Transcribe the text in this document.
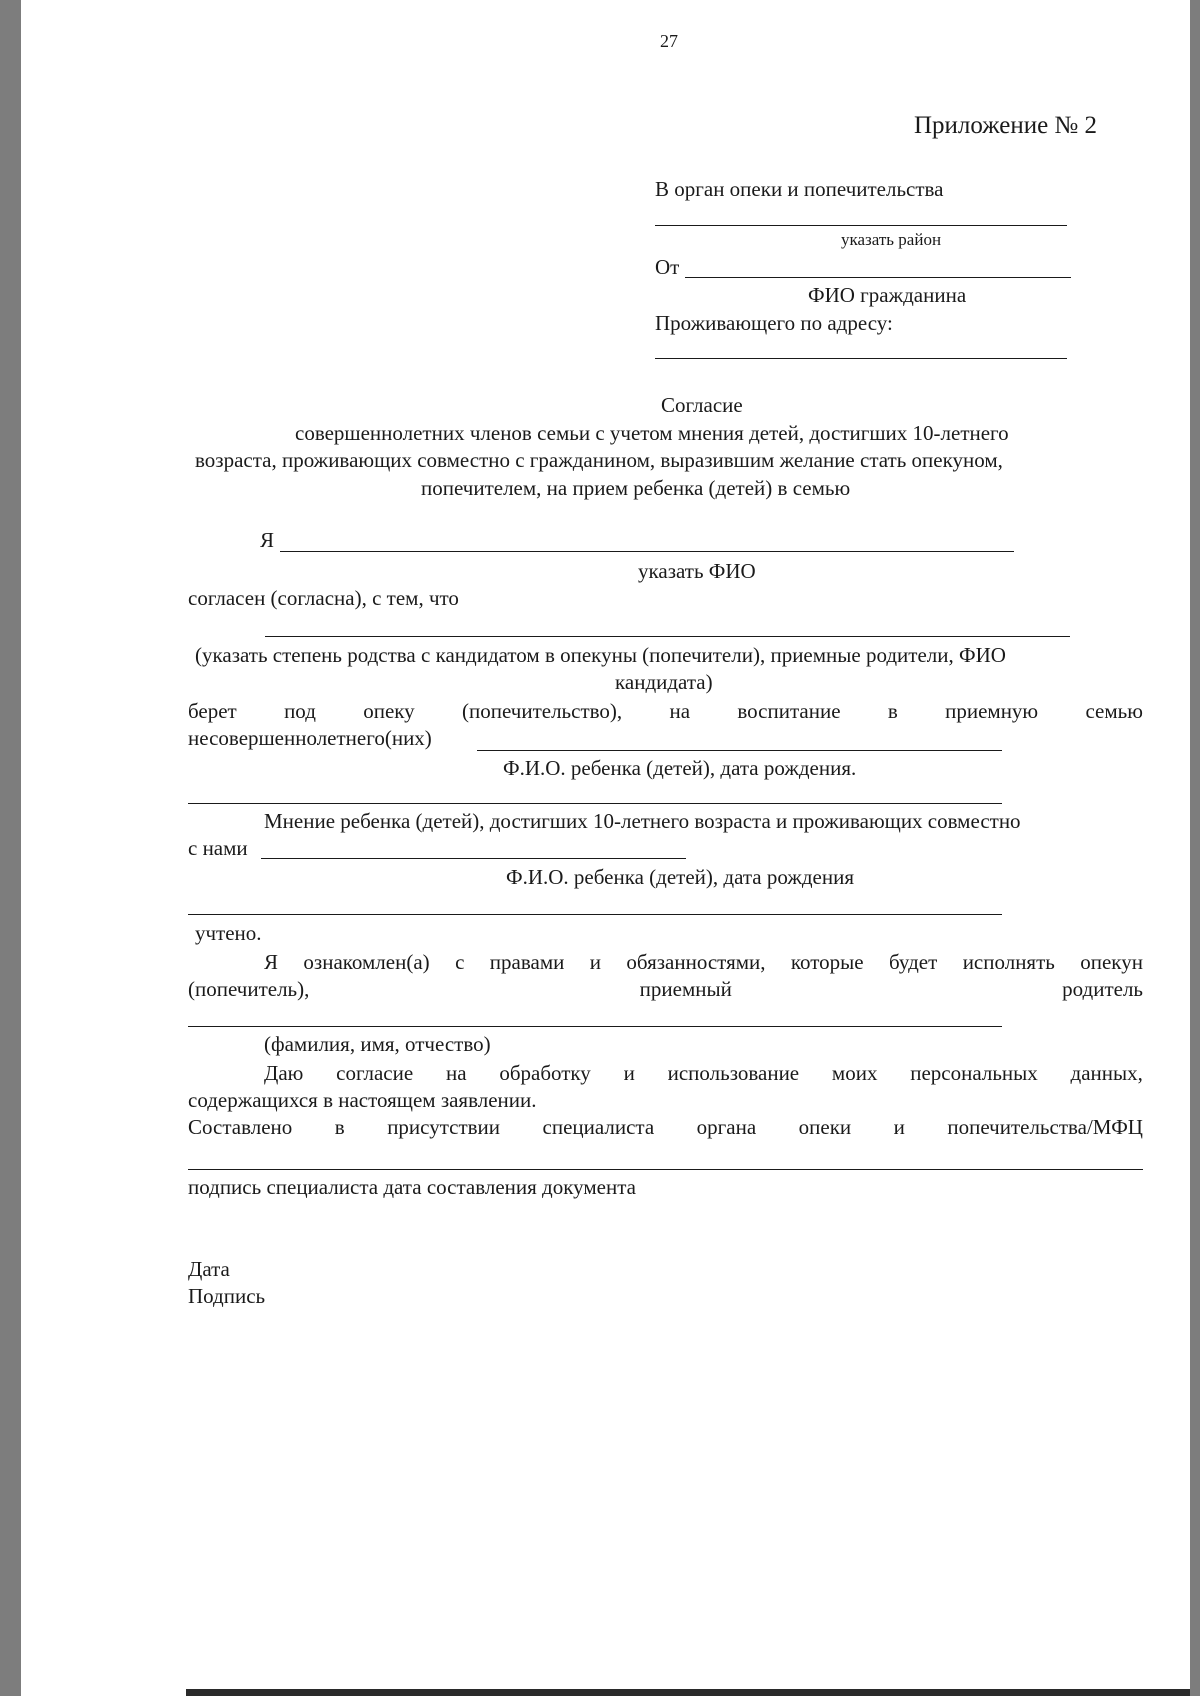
27
Приложение № 2
В орган опеки и попечительства
указать район
От
ФИО гражданина
Проживающего по адресу:
Согласие
совершеннолетних членов семьи с учетом мнения детей, достигших 10-летнего
возраста, проживающих совместно с гражданином, выразившим желание стать опекуном,
попечителем, на прием ребенка (детей) в семью
Я
указать ФИО
согласен (согласна), с тем, что
(указать степень родства с кандидатом в опекуны (попечители), приемные родители, ФИО
кандидата)
берет под опеку (попечительство), на воспитание в приемную семью
несовершеннолетнего(них)
Ф.И.О. ребенка (детей), дата рождения.
Мнение ребенка (детей), достигших 10-летнего возраста и проживающих совместно
с нами
Ф.И.О. ребенка (детей), дата рождения
учтено.
Я ознакомлен(а) с правами и обязанностями, которые будет исполнять опекун
(попечитель),	приемный	родитель
(фамилия, имя, отчество)
Даю согласие на обработку и использование моих персональных данных,
содержащихся в настоящем заявлении.
Составлено в присутствии специалиста органа опеки и попечительства/МФЦ
подпись специалиста дата составления документа
Дата
Подпись
